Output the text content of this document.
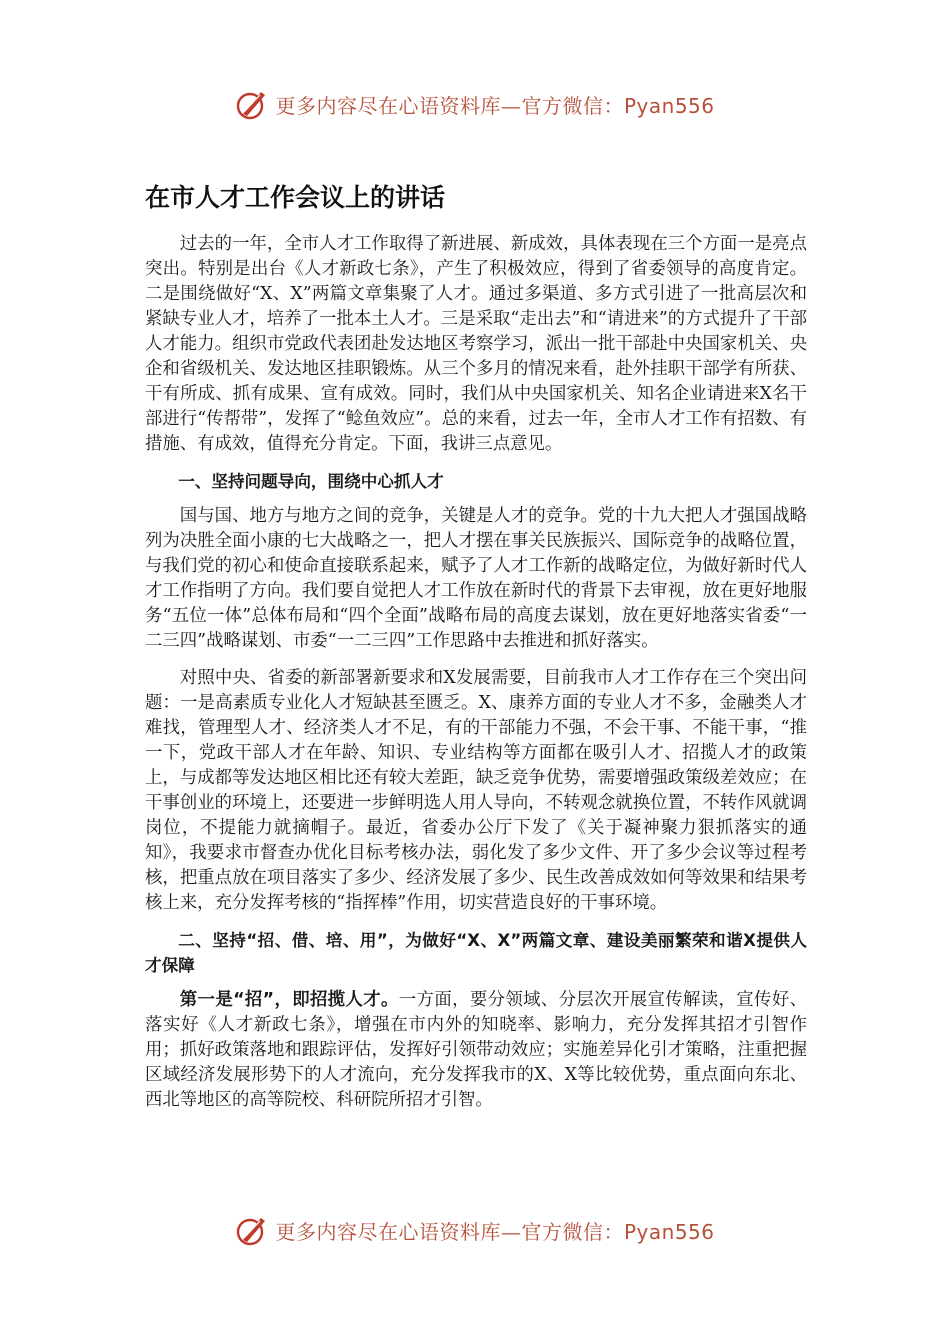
更多内容尽在心语资料库—官方微信：Pyan556
在市人才工作会议上的讲话

过去的一年，全市人才工作取得了新进展、新成效，具体表现在三个方面一是亮点突出。特别是出台《人才新政七条》，产生了积极效应，得到了省委领导的高度肯定。二是围绕做好“X、X”两篇文章集聚了人才。通过多渠道、多方式引进了一批高层次和紧缺专业人才，培养了一批本土人才。三是采取“走出去”和“请进来”的方式提升了干部人才能力。组织市党政代表团赴发达地区考察学习，派出一批干部赴中央国家机关、央企和省级机关、发达地区挂职锻炼。从三个多月的情况来看，赴外挂职干部学有所获、干有所成、抓有成果、宣有成效。同时，我们从中央国家机关、知名企业请进来X名干部进行“传帮带”，发挥了“鲶鱼效应”。总的来看，过去一年，全市人才工作有招数、有措施、有成效，值得充分肯定。下面，我讲三点意见。

一、坚持问题导向，围绕中心抓人才

国与国、地方与地方之间的竞争，关键是人才的竞争。党的十九大把人才强国战略列为决胜全面小康的七大战略之一，把人才摆在事关民族振兴、国际竞争的战略位置，与我们党的初心和使命直接联系起来，赋予了人才工作新的战略定位，为做好新时代人才工作指明了方向。我们要自觉把人才工作放在新时代的背景下去审视，放在更好地服务“五位一体”总体布局和“四个全面”战略布局的高度去谋划，放在更好地落实省委“一二三四”战略谋划、市委“一二三四”工作思路中去推进和抓好落实。

对照中央、省委的新部署新要求和X发展需要，目前我市人才工作存在三个突出问题：一是高素质专业化人才短缺甚至匮乏。X、康养方面的专业人才不多，金融类人才难找，管理型人才、经济类人才不足，有的干部能力不强，不会干事、不能干事，“推一下，党政干部人才在年龄、知识、专业结构等方面都在吸引人才、招揽人才的政策上，与成都等发达地区相比还有较大差距，缺乏竞争优势，需要增强政策级差效应；在干事创业的环境上，还要进一步鲜明选人用人导向，不转观念就换位置，不转作风就调岗位，不提能力就摘帽子。最近，省委办公厅下发了《关于凝神聚力狠抓落实的通知》，我要求市督查办优化目标考核办法，弱化发了多少文件、开了多少会议等过程考核，把重点放在项目落实了多少、经济发展了多少、民生改善成效如何等效果和结果考核上来，充分发挥考核的“指挥棒”作用，切实营造良好的干事环境。

二、坚持“招、借、培、用”，为做好“X、X”两篇文章、建设美丽繁荣和谐X提供人才保障

第一是“招”，即招揽人才。一方面，要分领域、分层次开展宣传解读，宣传好、落实好《人才新政七条》，增强在市内外的知晓率、影响力，充分发挥其招才引智作用；抓好政策落地和跟踪评估，发挥好引领带动效应；实施差异化引才策略，注重把握区域经济发展形势下的人才流向，充分发挥我市的X、X等比较优势，重点面向东北、西北等地区的高等院校、科研院所招才引智。

更多内容尽在心语资料库—官方微信：Pyan556
